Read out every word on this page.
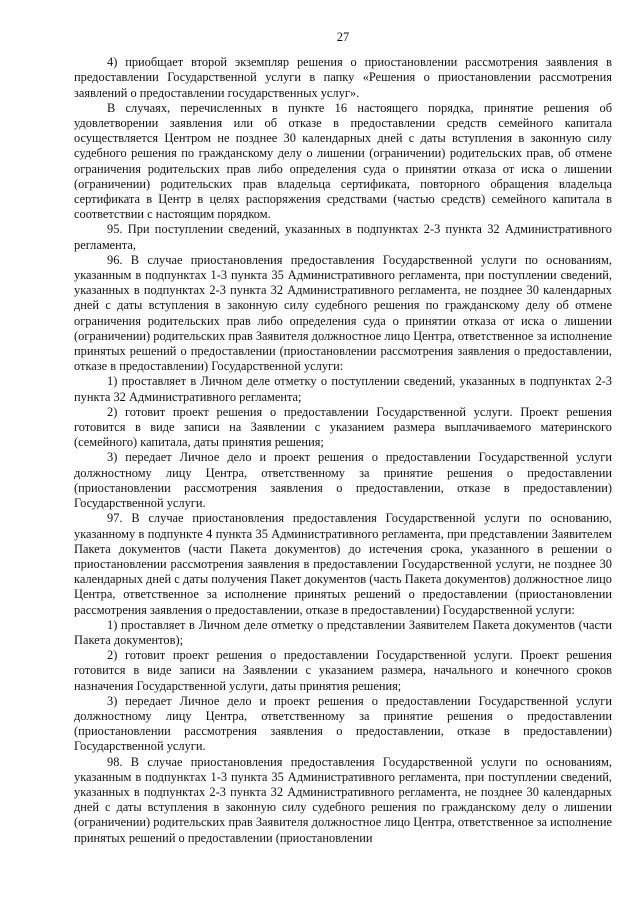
27

4) приобщает второй экземпляр решения о приостановлении рассмотрения заявления в предоставлении Государственной услуги в папку «Решения о приостановлении рассмотрения заявлений о предоставлении государственных услуг».

В случаях, перечисленных в пункте 16 настоящего порядка, принятие решения об удовлетворении заявления или об отказе в предоставлении средств семейного капитала осуществляется Центром не позднее 30 календарных дней с даты вступления в законную силу судебного решения по гражданскому делу о лишении (ограничении) родительских прав, об отмене ограничения родительских прав либо определения суда о принятии отказа от иска о лишении (ограничении) родительских прав владельца сертификата, повторного обращения владельца сертификата в Центр в целях распоряжения средствами (частью средств) семейного капитала в соответствии с настоящим порядком.

95. При поступлении сведений, указанных в подпунктах 2-3 пункта 32 Административного регламента,

96. В случае приостановления предоставления Государственной услуги по основаниям, указанным в подпунктах 1-3 пункта 35 Административного регламента, при поступлении сведений, указанных в подпунктах 2-3 пункта 32 Административного регламента, не позднее 30 календарных дней с даты вступления в законную силу судебного решения по гражданскому делу об отмене ограничения родительских прав либо определения суда о принятии отказа от иска о лишении (ограничении) родительских прав Заявителя должностное лицо Центра, ответственное за исполнение принятых решений о предоставлении (приостановлении рассмотрения заявления о предоставлении, отказе в предоставлении) Государственной услуги:

1) проставляет в Личном деле отметку о поступлении сведений, указанных в подпунктах 2-3 пункта 32 Административного регламента;

2) готовит проект решения о предоставлении Государственной услуги. Проект решения готовится в виде записи на Заявлении с указанием размера выплачиваемого материнского (семейного) капитала, даты принятия решения;

3) передает Личное дело и проект решения о предоставлении Государственной услуги должностному лицу Центра, ответственному за принятие решения о предоставлении (приостановлении рассмотрения заявления о предоставлении, отказе в предоставлении) Государственной услуги.

97. В случае приостановления предоставления Государственной услуги по основанию, указанному в подпункте 4 пункта 35 Административного регламента, при представлении Заявителем Пакета документов (части Пакета документов) до истечения срока, указанного в решении о приостановлении рассмотрения заявления в предоставлении Государственной услуги, не позднее 30 календарных дней с даты получения Пакет документов (часть Пакета документов) должностное лицо Центра, ответственное за исполнение принятых решений о предоставлении (приостановлении рассмотрения заявления о предоставлении, отказе в предоставлении) Государственной услуги:

1) проставляет в Личном деле отметку о представлении Заявителем Пакета документов (части Пакета документов);

2) готовит проект решения о предоставлении Государственной услуги. Проект решения готовится в виде записи на Заявлении с указанием размера, начального и конечного сроков назначения Государственной услуги, даты принятия решения;

3) передает Личное дело и проект решения о предоставлении Государственной услуги должностному лицу Центра, ответственному за принятие решения о предоставлении (приостановлении рассмотрения заявления о предоставлении, отказе в предоставлении) Государственной услуги.

98. В случае приостановления предоставления Государственной услуги по основаниям, указанным в подпунктах 1-3 пункта 35 Административного регламента, при поступлении сведений, указанных в подпунктах 2-3 пункта 32 Административного регламента, не позднее 30 календарных дней с даты вступления в законную силу судебного решения по гражданскому делу о лишении (ограничении) родительских прав Заявителя должностное лицо Центра, ответственное за исполнение принятых решений о предоставлении (приостановлении
